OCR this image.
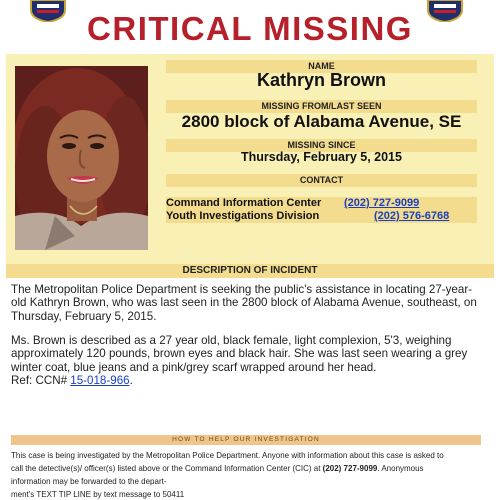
CRITICAL MISSING
NAME
Kathryn Brown
MISSING FROM/LAST SEEN
2800 block of Alabama Avenue, SE
MISSING SINCE
Thursday, February 5, 2015
CONTACT
Command Information Center (202) 727-9099
Youth Investigations Division	(202) 576-6768
DESCRIPTION OF INCIDENT

The Metropolitan Police Department is seeking the public's assistance in locating 27-year-old Kathryn Brown, who was last seen in the 2800 block of Alabama Avenue, southeast, on Thursday, February 5, 2015.

Ms. Brown is described as a 27 year old, black female, light complexion, 5'3, weighing approximately 120 pounds, brown eyes and black hair. She was last seen wearing a grey winter coat, blue jeans and a pink/grey scarf wrapped around her head.
Ref: CCN# 15-018-966.

HOW TO HELP OUR INVESTIGATION

This case is being investigated by the Metropolitan Police Department. Anyone with information about this case is asked to call the detective(s)/ officer(s) listed above or the Command Information Center (CIC) at (202) 727-9099. Anonymous information may be forwarded to the depart-
ment's TEXT TIP LINE by text message to 50411
